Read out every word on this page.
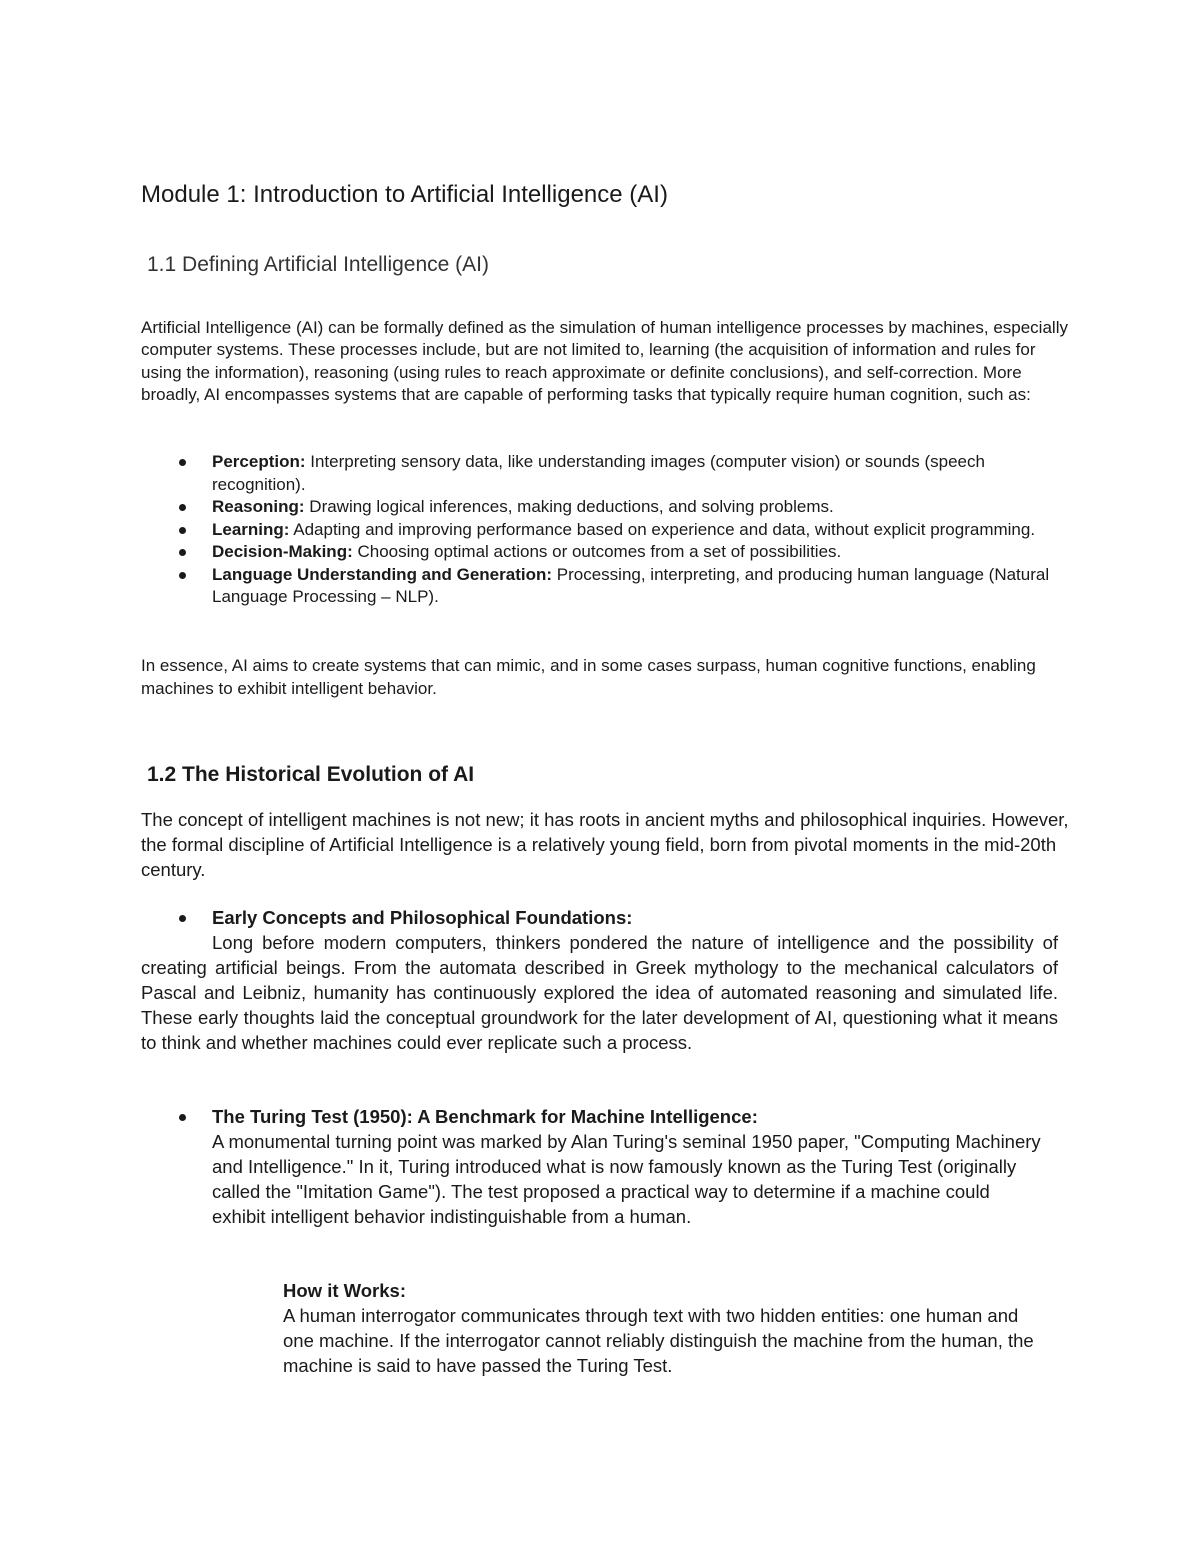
Module 1: Introduction to Artificial Intelligence (AI)
1.1 Defining Artificial Intelligence (AI)
Artificial Intelligence (AI) can be formally defined as the simulation of human intelligence processes by machines, especially computer systems. These processes include, but are not limited to, learning (the acquisition of information and rules for using the information), reasoning (using rules to reach approximate or definite conclusions), and self-correction. More broadly, AI encompasses systems that are capable of performing tasks that typically require human cognition, such as:
Perception: Interpreting sensory data, like understanding images (computer vision) or sounds (speech recognition).
Reasoning: Drawing logical inferences, making deductions, and solving problems.
Learning: Adapting and improving performance based on experience and data, without explicit programming.
Decision-Making: Choosing optimal actions or outcomes from a set of possibilities.
Language Understanding and Generation: Processing, interpreting, and producing human language (Natural Language Processing – NLP).
In essence, AI aims to create systems that can mimic, and in some cases surpass, human cognitive functions, enabling machines to exhibit intelligent behavior.
1.2 The Historical Evolution of AI
The concept of intelligent machines is not new; it has roots in ancient myths and philosophical inquiries. However, the formal discipline of Artificial Intelligence is a relatively young field, born from pivotal moments in the mid-20th century.
Early Concepts and Philosophical Foundations:
Long before modern computers, thinkers pondered the nature of intelligence and the possibility of creating artificial beings. From the automata described in Greek mythology to the mechanical calculators of Pascal and Leibniz, humanity has continuously explored the idea of automated reasoning and simulated life. These early thoughts laid the conceptual groundwork for the later development of AI, questioning what it means to think and whether machines could ever replicate such a process.
The Turing Test (1950): A Benchmark for Machine Intelligence:
A monumental turning point was marked by Alan Turing's seminal 1950 paper, "Computing Machinery and Intelligence." In it, Turing introduced what is now famously known as the Turing Test (originally called the "Imitation Game"). The test proposed a practical way to determine if a machine could exhibit intelligent behavior indistinguishable from a human.
How it Works:
A human interrogator communicates through text with two hidden entities: one human and one machine. If the interrogator cannot reliably distinguish the machine from the human, the machine is said to have passed the Turing Test.
